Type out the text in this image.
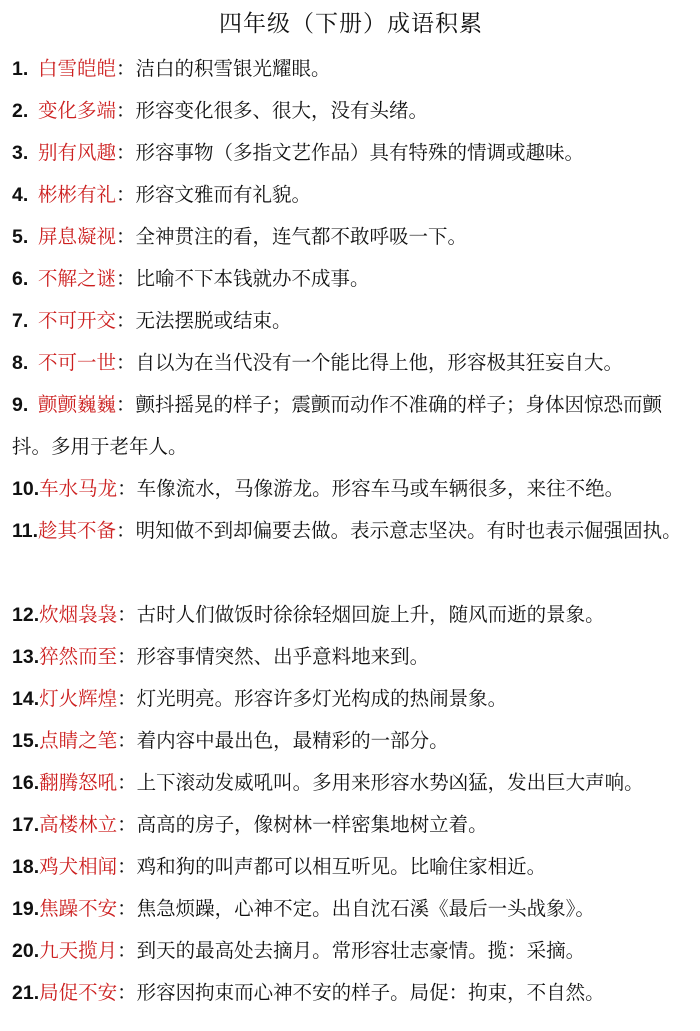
四年级（下册）成语积累
1. 白雪皑皑：洁白的积雪银光耀眼。
2. 变化多端：形容变化很多、很大，没有头绪。
3. 别有风趣：形容事物（多指文艺作品）具有特殊的情调或趣味。
4. 彬彬有礼：形容文雅而有礼貌。
5. 屏息凝视：全神贯注的看，连气都不敢呼吸一下。
6. 不解之谜：比喻不下本钱就办不成事。
7. 不可开交：无法摆脱或结束。
8. 不可一世：自以为在当代没有一个能比得上他，形容极其狂妄自大。
9. 颤颤巍巍：颤抖摇晃的样子；震颤而动作不准确的样子；身体因惊恐而颤抖。多用于老年人。
10.车水马龙：车像流水，马像游龙。形容车马或车辆很多，来往不绝。
11.趁其不备：明知做不到却偏要去做。表示意志坚决。有时也表示倔强固执。
12.炊烟袅袅：古时人们做饭时徐徐轻烟回旋上升，随风而逝的景象。
13.猝然而至：形容事情突然、出乎意料地来到。
14.灯火辉煌：灯光明亮。形容许多灯光构成的热闹景象。
15.点睛之笔：着内容中最出色，最精彩的一部分。
16.翻腾怒吼：上下滚动发威吼叫。多用来形容水势凶猛，发出巨大声响。
17.高楼林立：高高的房子，像树林一样密集地树立着。
18.鸡犬相闻：鸡和狗的叫声都可以相互听见。比喻住家相近。
19.焦躁不安：焦急烦躁，心神不定。出自沈石溪《最后一头战象》。
20.九天揽月：到天的最高处去摘月。常形容壮志豪情。揽：采摘。
21.局促不安：形容因拘束而心神不安的样子。局促：拘束，不自然。
